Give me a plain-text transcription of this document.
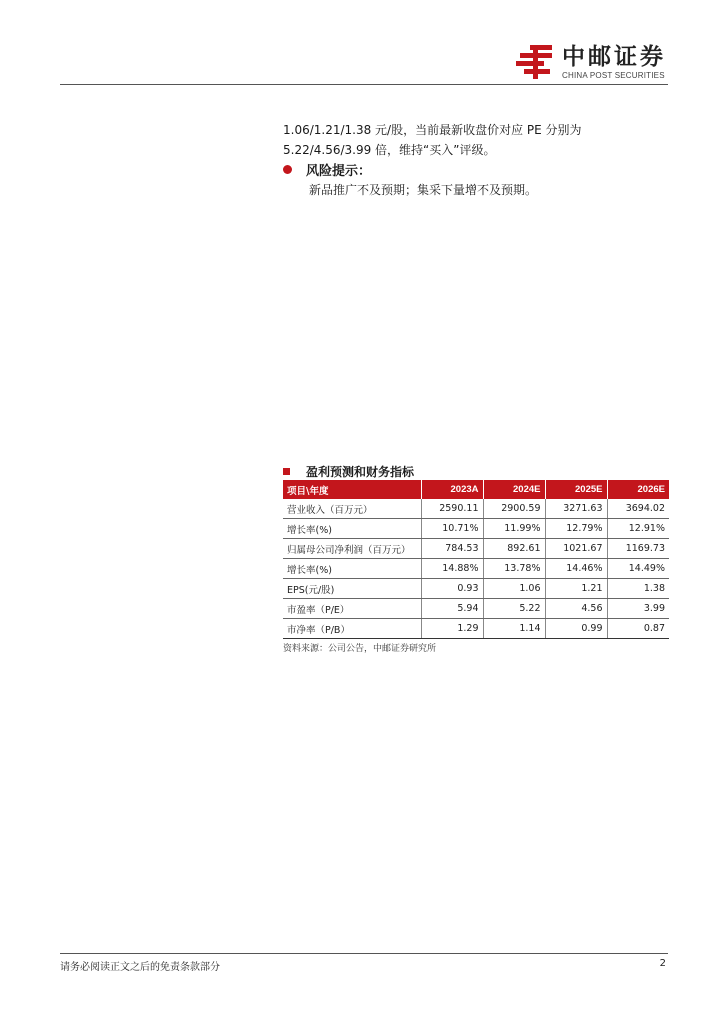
中邮证券
CHINA POST SECURITIES
1.06/1.21/1.38 元/股，当前最新收盘价对应 PE 分别为
5.22/4.56/3.99 倍，维持“买入”评级。
风险提示：
新品推广不及预期；集采下量增不及预期。
盈利预测和财务指标
项目\年度	2023A	2024E	2025E	2026E
营业收入（百万元）	2590.11	2900.59	3271.63	3694.02
增长率(%)	10.71%	11.99%	12.79%	12.91%
归属母公司净利润（百万元）	784.53	892.61	1021.67	1169.73
增长率(%)	14.88%	13.78%	14.46%	14.49%
EPS(元/股)	0.93	1.06	1.21	1.38
市盈率（P/E）	5.94	5.22	4.56	3.99
市净率（P/B）	1.29	1.14	0.99	0.87
资料来源：公司公告，中邮证券研究所
请务必阅读正文之后的免责条款部分	2
